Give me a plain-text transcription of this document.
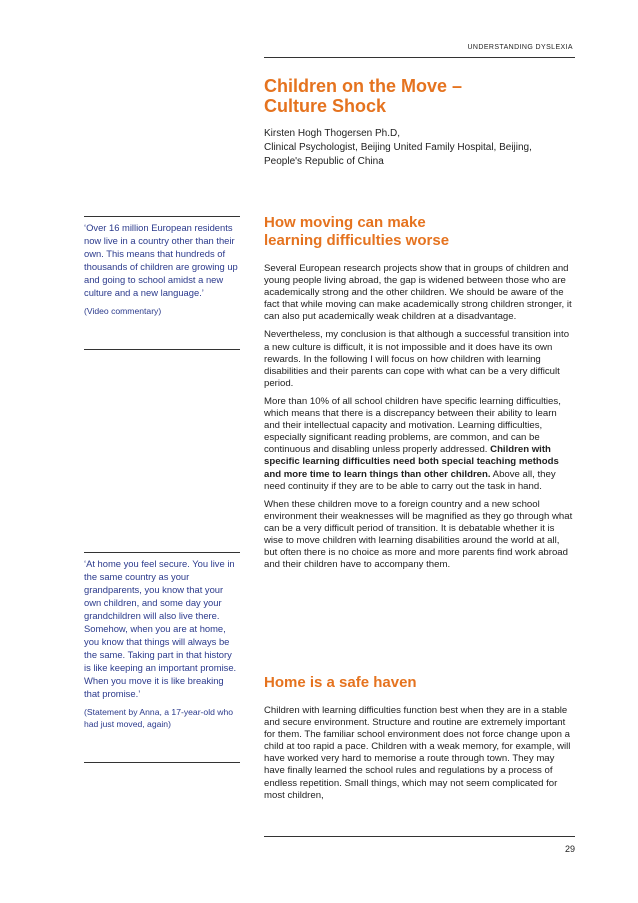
UNDERSTANDING DYSLEXIA
Children on the Move –
Culture Shock
Kirsten Hogh Thogersen Ph.D,
Clinical Psychologist, Beijing United Family Hospital, Beijing,
People's Republic of China
How moving can make
learning difficulties worse

Several European research projects show that in groups of children and young people living abroad, the gap is widened between those who are academically strong and the other children. We should be aware of the fact that while moving can make academically strong children stronger, it can also put academically weak children at a disadvantage.

Nevertheless, my conclusion is that although a successful transition into a new culture is difficult, it is not impossible and it does have its own rewards. In the following I will focus on how children with learning disabilities and their parents can cope with what can be a very difficult period.

More than 10% of all school children have specific learning difficulties, which means that there is a discrepancy between their ability to learn and their intellectual capacity and motivation. Learning difficulties, especially significant reading problems, are common, and can be continuous and disabling unless properly addressed. Children with specific learning difficulties need both special teaching methods and more time to learn things than other children. Above all, they need continuity if they are to be able to carry out the task in hand.

When these children move to a foreign country and a new school environment their weaknesses will be magnified as they go through what can be a very difficult period of transition. It is debatable whether it is wise to move children with learning disabilities around the world at all, but often there is no choice as more and more parents find work abroad and their children have to accompany them.

Home is a safe haven

Children with learning difficulties function best when they are in a stable and secure environment. Structure and routine are extremely important for them. The familiar school environment does not force change upon a child at too rapid a pace. Children with a weak memory, for example, will have worked very hard to memorise a route through town. They may have finally learned the school rules and regulations by a process of endless repetition. Small things, which may not seem complicated for most children,

‘Over 16 million European residents now live in a country other than their own. This means that hundreds of thousands of children are growing up and going to school amidst a new culture and a new language.’
(Video commentary)
‘At home you feel secure. You live in the same country as your grandparents, you know that your own children, and some day your grandchildren will also live there. Somehow, when you are at home, you know that things will always be the same. Taking part in that history is like keeping an important promise. When you move it is like breaking that promise.’
(Statement by Anna, a 17-year-old who had just moved, again)
29
